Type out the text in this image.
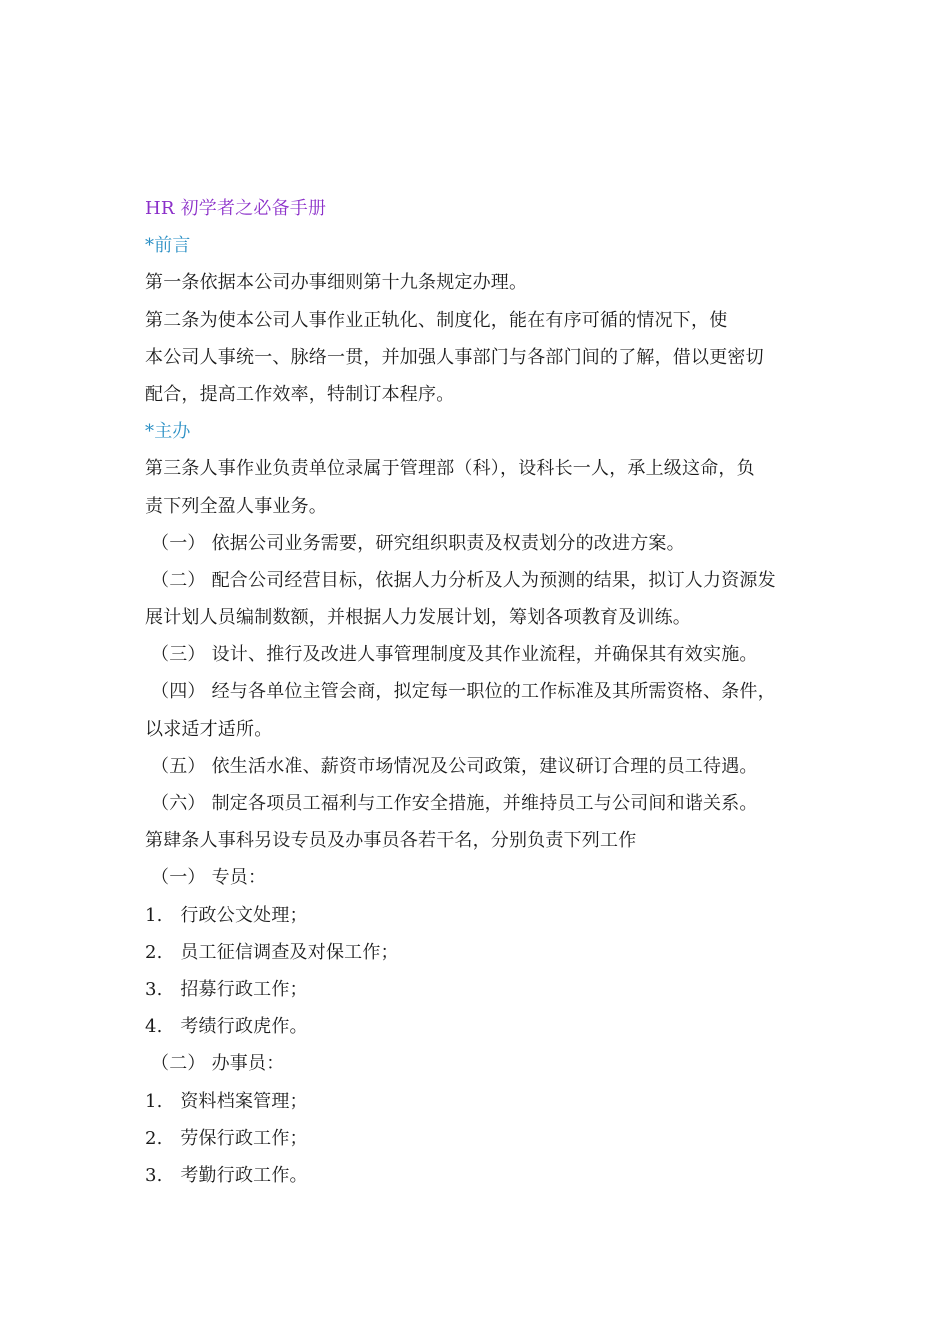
HR 初学者之必备手册
*前言
第一条依据本公司办事细则第十九条规定办理。
第二条为使本公司人事作业正轨化、制度化，能在有序可循的情况下，使
本公司人事统一、脉络一贯，并加强人事部门与各部门间的了解，借以更密切
配合，提高工作效率，特制订本程序。
*主办
第三条人事作业负责单位录属于管理部（科），设科长一人，承上级这命，负
责下列全盈人事业务。
（一） 依据公司业务需要，研究组织职责及权责划分的改进方案。
（二） 配合公司经营目标，依据人力分析及人为预测的结果，拟订人力资源发
展计划人员编制数额，并根据人力发展计划，筹划各项教育及训练。
（三） 设计、推行及改进人事管理制度及其作业流程，并确保其有效实施。
（四） 经与各单位主管会商，拟定每一职位的工作标准及其所需资格、条件，
以求适才适所。
（五） 依生活水准、薪资市场情况及公司政策，建议研订合理的员工待遇。
（六） 制定各项员工福利与工作安全措施，并维持员工与公司间和谐关系。
第肆条人事科另设专员及办事员各若干名，分别负责下列工作
（一） 专员：
1. 行政公文处理；
2. 员工征信调查及对保工作；
3. 招募行政工作；
4. 考绩行政虎作。
（二） 办事员：
1. 资料档案管理；
2. 劳保行政工作；
3. 考勤行政工作。
